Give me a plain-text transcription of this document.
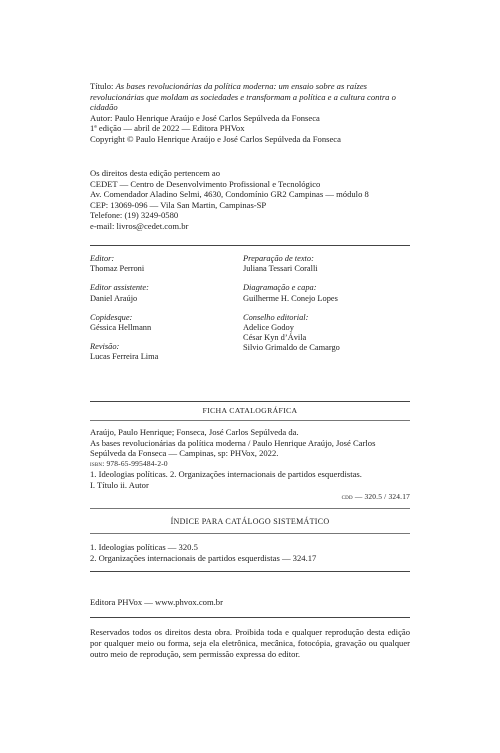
Título: As bases revolucionárias da política moderna: um ensaio sobre as raízes revolucionárias que moldam as sociedades e transformam a política e a cultura contra o cidadão
Autor: Paulo Henrique Araújo e José Carlos Sepúlveda da Fonseca
1ª edição — abril de 2022 — Editora PHVox
Copyright © Paulo Henrique Araújo e José Carlos Sepúlveda da Fonseca
Os direitos desta edição pertencem ao
CEDET — Centro de Desenvolvimento Profissional e Tecnológico
Av. Comendador Aladino Selmi, 4630, Condomínio GR2 Campinas — módulo 8
CEP: 13069-096 — Vila San Martin, Campinas-SP
Telefone: (19) 3249-0580
e-mail: livros@cedet.com.br
Editor:
Thomaz Perroni
Editor assistente:
Daniel Araújo
Copidesque:
Géssica Hellmann
Revisão:
Lucas Ferreira Lima
Preparação de texto:
Juliana Tessari Coralli
Diagramação e capa:
Guilherme H. Conejo Lopes
Conselho editorial:
Adelice Godoy
César Kyn d’Ávila
Silvio Grimaldo de Camargo
FICHA CATALOGRÁFICA
Araújo, Paulo Henrique; Fonseca, José Carlos Sepúlveda da.
As bases revolucionárias da política moderna / Paulo Henrique Araújo, José Carlos
Sepúlveda da Fonseca — Campinas, sp: PHVox, 2022.
isbn: 978-65-995484-2-0
1. Ideologias políticas. 2. Organizações internacionais de partidos esquerdistas.
I. Título ii. Autor
cdd — 320.5 / 324.17
ÍNDICE PARA CATÁLOGO SISTEMÁTICO
1. Ideologias políticas — 320.5
2. Organizações internacionais de partidos esquerdistas — 324.17
Editora PHVox — www.phvox.com.br
Reservados todos os direitos desta obra. Proibida toda e qualquer reprodução desta edição por qualquer meio ou forma, seja ela eletrônica, mecânica, fotocópia, gravação ou qualquer outro meio de reprodução, sem permissão expressa do editor.
